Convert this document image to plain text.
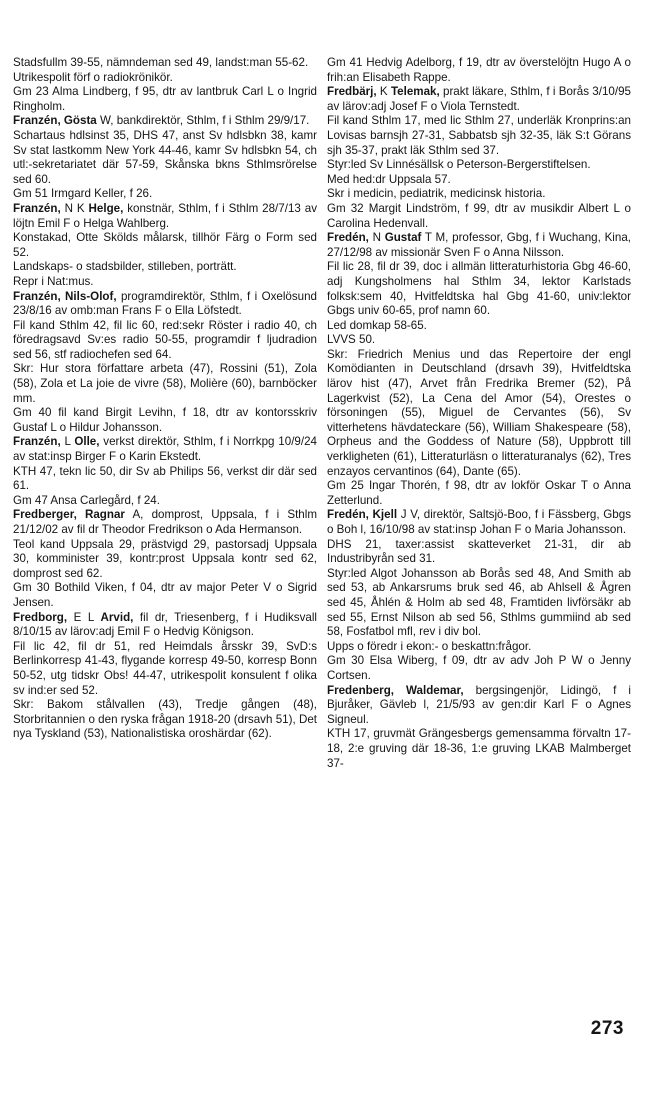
Stadsfullm 39-55, nämndeman sed 49, landst:man 55-62.

Utrikespolit förf o radiokrönikör.

Gm 23 Alma Lindberg, f 95, dtr av lantbruk Carl L o Ingrid Ringholm.

Franzén, Gösta W, bankdirektör, Sthlm, f i Sthlm 29/9/17.

Schartaus hdlsinst 35, DHS 47, anst Sv hdlsbkn 38, kamr Sv stat lastkomm New York 44-46, kamr Sv hdlsbkn 54, ch utl:-sekretariatet där 57-59, Skånska bkns Sthlmsrörelse sed 60.

Gm 51 Irmgard Keller, f 26.

Franzén, N K Helge, konstnär, Sthlm, f i Sthlm 28/7/13 av löjtn Emil F o Helga Wahlberg.

Konstakad, Otte Skölds målarsk, tillhör Färg o Form sed 52.

Landskaps- o stadsbilder, stilleben, porträtt.

Repr i Nat:mus.

Franzén, Nils-Olof, programdirektör, Sthlm, f i Oxelösund 23/8/16 av omb:man Frans F o Ella Löfstedt.

Fil kand Sthlm 42, fil lic 60, red:sekr Röster i radio 40, ch föredragsavd Sv:es radio 50-55, programdir f ljudradion sed 56, stf radiochefen sed 64.

Skr: Hur stora författare arbeta (47), Rossini (51), Zola (58), Zola et La joie de vivre (58), Molière (60), barnböcker mm.

Gm 40 fil kand Birgit Levihn, f 18, dtr av kontorsskriv Gustaf L o Hildur Johansson.

Franzén, L Olle, verkst direktör, Sthlm, f i Norrkpg 10/9/24 av stat:insp Birger F o Karin Ekstedt.

KTH 47, tekn lic 50, dir Sv ab Philips 56, verkst dir där sed 61.

Gm 47 Ansa Carlegård, f 24.

Fredberger, Ragnar A, domprost, Uppsala, f i Sthlm 21/12/02 av fil dr Theodor Fredrikson o Ada Hermanson.

Teol kand Uppsala 29, prästvigd 29, pastorsadj Uppsala 30, komminister 39, kontr:prost Uppsala kontr sed 62, domprost sed 62.

Gm 30 Bothild Viken, f 04, dtr av major Peter V o Sigrid Jensen.

Fredborg, E L Arvid, fil dr, Triesenberg, f i Hudiksvall 8/10/15 av lärov:adj Emil F o Hedvig Königson.

Fil lic 42, fil dr 51, red Heimdals årsskr 39, SvD:s Berlinkorresp 41-43, flygande korresp 49-50, korresp Bonn 50-52, utg tidskr Obs! 44-47, utrikespolit konsulent f olika sv ind:er sed 52.

Skr: Bakom stålvallen (43), Tredje gången (48), Storbritannien o den ryska frågan 1918-20 (drsavh 51), Det nya Tyskland (53), Nationalistiska oroshärdar (62).

Gm 41 Hedvig Adelborg, f 19, dtr av överstelöjtn Hugo A o frih:an Elisabeth Rappe.

Fredbärj, K Telemak, prakt läkare, Sthlm, f i Borås 3/10/95 av lärov:adj Josef F o Viola Ternstedt.

Fil kand Sthlm 17, med lic Sthlm 27, underläk Kronprins:an Lovisas barnsjh 27-31, Sabbatsb sjh 32-35, läk S:t Görans sjh 35-37, prakt läk Sthlm sed 37.

Styr:led Sv Linnésällsk o Peterson-Bergerstiftelsen.

Med hed:dr Uppsala 57.

Skr i medicin, pediatrik, medicinsk historia.

Gm 32 Margit Lindström, f 99, dtr av musikdir Albert L o Carolina Hedenvall.

Fredén, N Gustaf T M, professor, Gbg, f i Wuchang, Kina, 27/12/98 av missionär Sven F o Anna Nilsson.

Fil lic 28, fil dr 39, doc i allmän litteraturhistoria Gbg 46-60, adj Kungsholmens hal Sthlm 34, lektor Karlstads folksk:sem 40, Hvitfeldtska hal Gbg 41-60, univ:lektor Gbgs univ 60-65, prof namn 60.

Led domkap 58-65.

LVVS 50.

Skr: Friedrich Menius und das Repertoire der engl Komödianten in Deutschland (drsavh 39), Hvitfeldtska lärov hist (47), Arvet från Fredrika Bremer (52), På Lagerkvist (52), La Cena del Amor (54), Orestes o försoningen (55), Miguel de Cervantes (56), Sv vitterhetens hävdateckare (56), William Shakespeare (58), Orpheus and the Goddess of Nature (58), Uppbrott till verkligheten (61), Litteraturläsn o litteraturanalys (62), Tres enzayos cervantinos (64), Dante (65).

Gm 25 Ingar Thorén, f 98, dtr av lokför Oskar T o Anna Zetterlund.

Fredén, Kjell J V, direktör, Saltsjö-Boo, f i Fässberg, Gbgs o Boh l, 16/10/98 av stat:insp Johan F o Maria Johansson.

DHS 21, taxer:assist skatteverket 21-31, dir ab Industribyrån sed 31.

Styr:led Algot Johansson ab Borås sed 48, And Smith ab sed 53, ab Ankarsrums bruk sed 46, ab Ahlsell & Ågren sed 45, Åhlén & Holm ab sed 48, Framtiden livförsäkr ab sed 55, Ernst Nilson ab sed 56, Sthlms gummiind ab sed 58, Fosfatbol mfl, rev i div bol.

Upps o föredr i ekon:- o beskattn:frågor.

Gm 30 Elsa Wiberg, f 09, dtr av adv Joh P W o Jenny Cortsen.

Fredenberg, Waldemar, bergsingenjör, Lidingö, f i Bjuråker, Gävleb l, 21/5/93 av gen:dir Karl F o Agnes Signeul.

KTH 17, gruvmät Grängesbergs gemensamma förvaltn 17-18, 2:e gruving där 18-36, 1:e gruving LKAB Malmberget 37-

273
